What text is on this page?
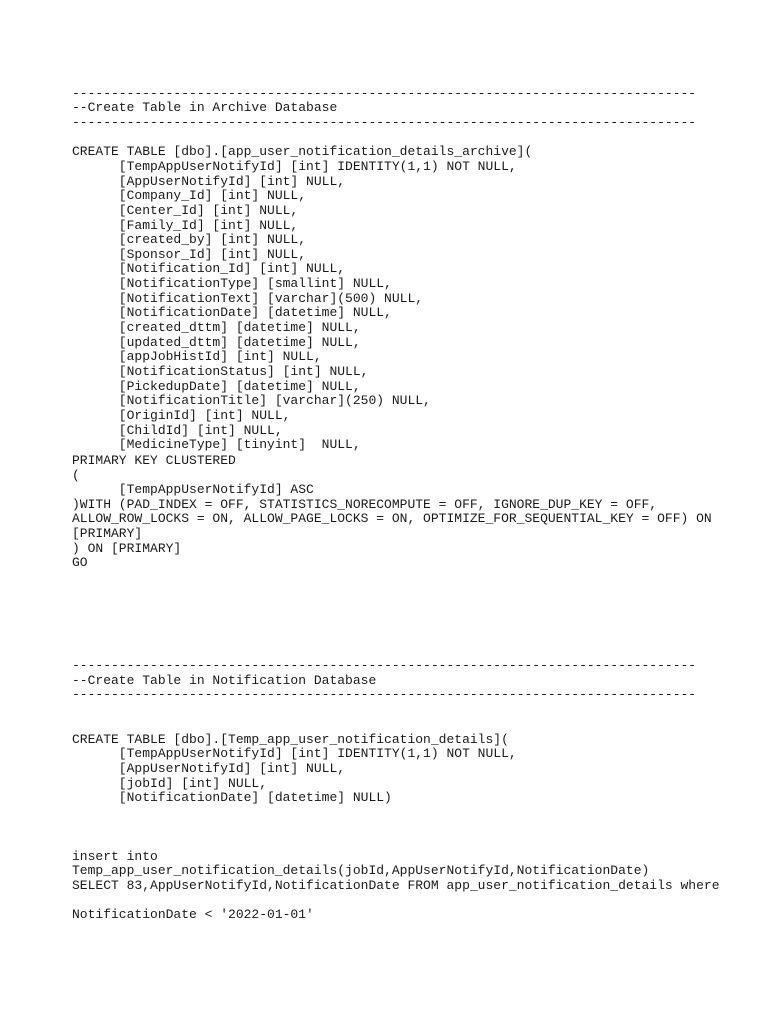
--------------------------------------------------------------------------------
--Create Table in Archive Database
--------------------------------------------------------------------------------
CREATE TABLE [dbo].[app_user_notification_details_archive](
[TempAppUserNotifyId] [int] IDENTITY(1,1) NOT NULL,
[AppUserNotifyId] [int] NULL,
[Company_Id] [int] NULL,
[Center_Id] [int] NULL,
[Family_Id] [int] NULL,
[created_by] [int] NULL,
[Sponsor_Id] [int] NULL,
[Notification_Id] [int] NULL,
[NotificationType] [smallint] NULL,
[NotificationText] [varchar](500) NULL,
[NotificationDate] [datetime] NULL,
[created_dttm] [datetime] NULL,
[updated_dttm] [datetime] NULL,
[appJobHistId] [int] NULL,
[NotificationStatus] [int] NULL,
[PickedupDate] [datetime] NULL,
[NotificationTitle] [varchar](250) NULL,
[OriginId] [int] NULL,
[ChildId] [int] NULL,
[MedicineType] [tinyint]  NULL,
PRIMARY KEY CLUSTERED
(
[TempAppUserNotifyId] ASC
)WITH (PAD_INDEX = OFF, STATISTICS_NORECOMPUTE = OFF, IGNORE_DUP_KEY = OFF,
ALLOW_ROW_LOCKS = ON, ALLOW_PAGE_LOCKS = ON, OPTIMIZE_FOR_SEQUENTIAL_KEY = OFF) ON
[PRIMARY]
) ON [PRIMARY]
GO
--------------------------------------------------------------------------------
--Create Table in Notification Database
--------------------------------------------------------------------------------
CREATE TABLE [dbo].[Temp_app_user_notification_details](
[TempAppUserNotifyId] [int] IDENTITY(1,1) NOT NULL,
[AppUserNotifyId] [int] NULL,
[jobId] [int] NULL,
[NotificationDate] [datetime] NULL)
insert into
Temp_app_user_notification_details(jobId,AppUserNotifyId,NotificationDate)
SELECT 83,AppUserNotifyId,NotificationDate FROM app_user_notification_details where
NotificationDate < '2022-01-01'
